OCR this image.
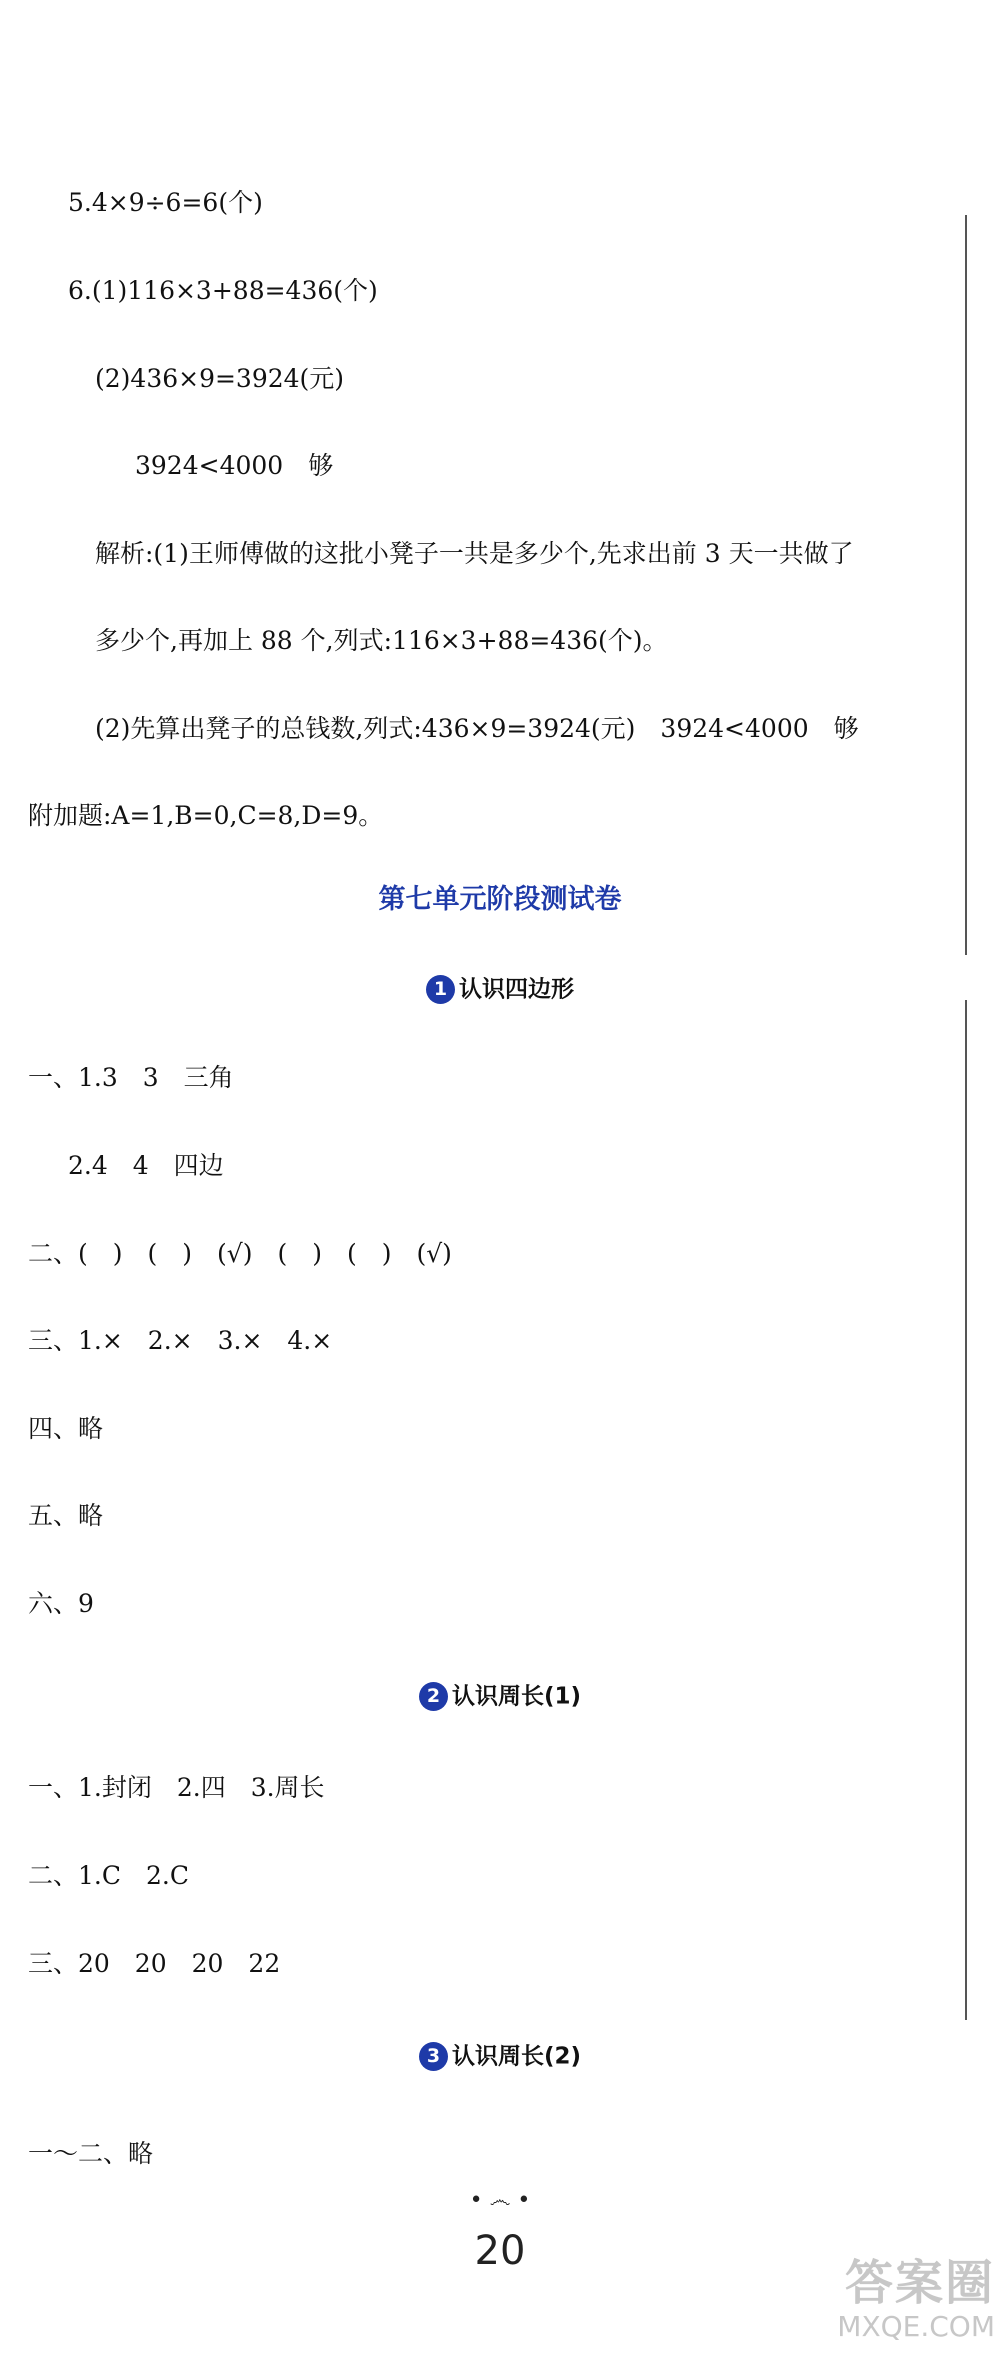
5.4×9÷6=6(个)
6.(1)116×3+88=436(个)
(2)436×9=3924(元)
3924<4000　够
解析:(1)王师傅做的这批小凳子一共是多少个,先求出前 3 天一共做了
多少个,再加上 88 个,列式:116×3+88=436(个)。
(2)先算出凳子的总钱数,列式:436×9=3924(元)　3924<4000　够
附加题:A=1,B=0,C=8,D=9。
第七单元阶段测试卷
1 认识四边形
一、1.3　3　三角
2.4　4　四边
二、(　)　(　)　(√)　(　)　(　)　(√)
三、1.×　2.×　3.×　4.×
四、略
五、略
六、9
2 认识周长(1)
一、1.封闭　2.四　3.周长
二、1.C　2.C
三、20　20　20　22
3 认识周长(2)
一～二、略
• ෴ •
20
答案圈
MXQE.COM
